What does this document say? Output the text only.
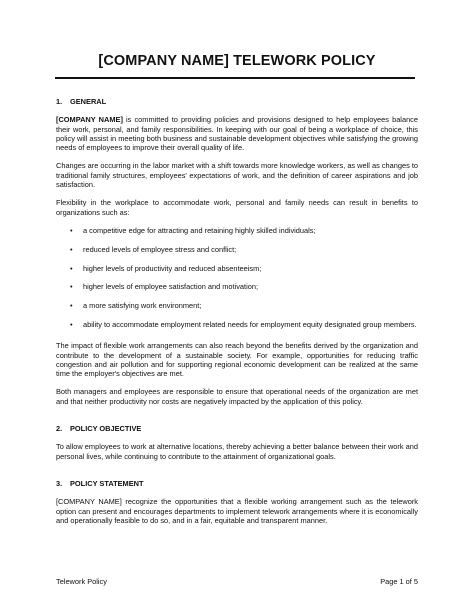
[COMPANY NAME] TELEWORK POLICY
1. GENERAL

[COMPANY NAME] is committed to providing policies and provisions designed to help employees balance their work, personal, and family responsibilities. In keeping with our goal of being a workplace of choice, this policy will assist in meeting both business and sustainable development objectives while satisfying the growing needs of employees to improve their overall quality of life.

Changes are occurring in the labor market with a shift towards more knowledge workers, as well as changes to traditional family structures, employees' expectations of work, and the definition of career aspirations and job satisfaction.

Flexibility in the workplace to accommodate work, personal and family needs can result in benefits to organizations such as:

• a competitive edge for attracting and retaining highly skilled individuals;
• reduced levels of employee stress and conflict;
• higher levels of productivity and reduced absenteeism;
• higher levels of employee satisfaction and motivation;
• a more satisfying work environment;
• ability to accommodate employment related needs for employment equity designated group members.

The impact of flexible work arrangements can also reach beyond the benefits derived by the organization and contribute to the development of a sustainable society. For example, opportunities for reducing traffic congestion and air pollution and for supporting regional economic development can be realized at the same time the employer's objectives are met.

Both managers and employees are responsible to ensure that operational needs of the organization are met and that neither productivity nor costs are negatively impacted by the application of this policy.

2. POLICY OBJECTIVE

To allow employees to work at alternative locations, thereby achieving a better balance between their work and personal lives, while continuing to contribute to the attainment of organizational goals.

3. POLICY STATEMENT

[COMPANY NAME] recognize the opportunities that a flexible working arrangement such as the telework option can present and encourages departments to implement telework arrangements where it is economically and operationally feasible to do so, and in a fair, equitable and transparent manner.

Telework Policy	Page 1 of 5
